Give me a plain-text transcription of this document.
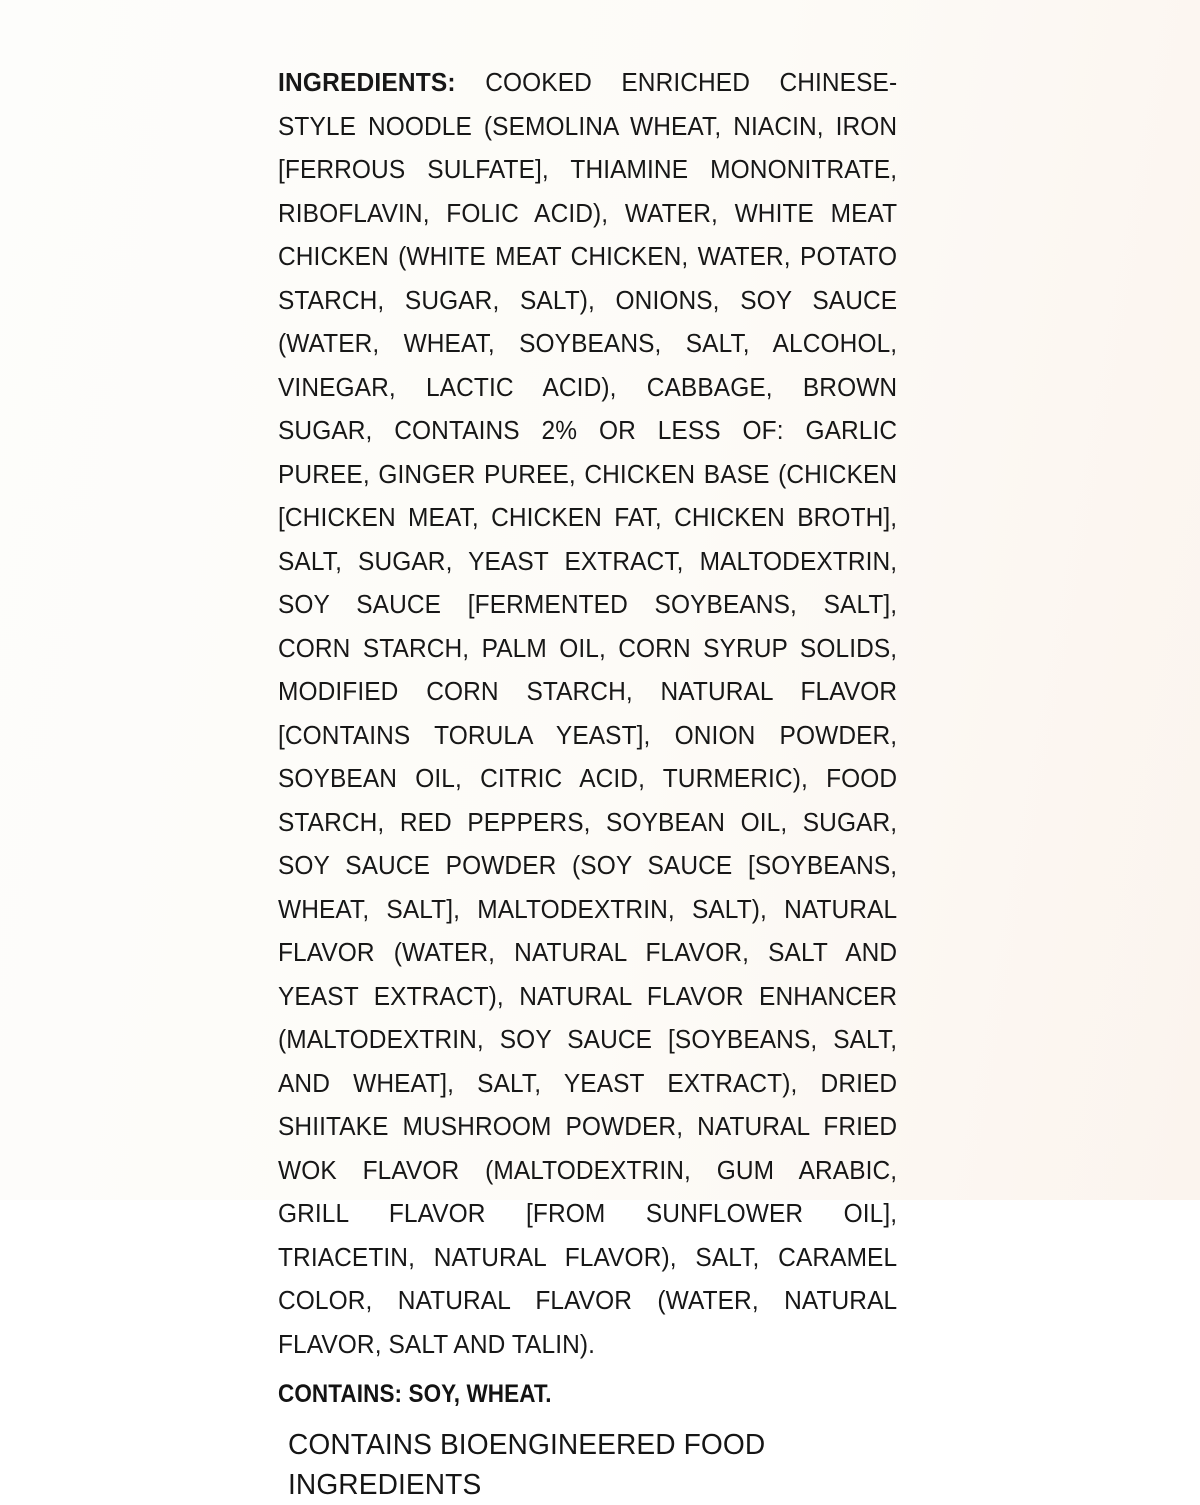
INGREDIENTS: COOKED ENRICHED CHINESE-STYLE NOODLE (SEMOLINA WHEAT, NIACIN, IRON [FERROUS SULFATE], THIAMINE MONONITRATE, RIBOFLAVIN, FOLIC ACID), WATER, WHITE MEAT CHICKEN (WHITE MEAT CHICKEN, WATER, POTATO STARCH, SUGAR, SALT), ONIONS, SOY SAUCE (WATER, WHEAT, SOYBEANS, SALT, ALCOHOL, VINEGAR, LACTIC ACID), CABBAGE, BROWN SUGAR, CONTAINS 2% OR LESS OF: GARLIC PUREE, GINGER PUREE, CHICKEN BASE (CHICKEN [CHICKEN MEAT, CHICKEN FAT, CHICKEN BROTH], SALT, SUGAR, YEAST EXTRACT, MALTODEXTRIN, SOY SAUCE [FERMENTED SOYBEANS, SALT], CORN STARCH, PALM OIL, CORN SYRUP SOLIDS, MODIFIED CORN STARCH, NATURAL FLAVOR [CONTAINS TORULA YEAST], ONION POWDER, SOYBEAN OIL, CITRIC ACID, TURMERIC), FOOD STARCH, RED PEPPERS, SOYBEAN OIL, SUGAR, SOY SAUCE POWDER (SOY SAUCE [SOYBEANS, WHEAT, SALT], MALTODEXTRIN, SALT), NATURAL FLAVOR (WATER, NATURAL FLAVOR, SALT AND YEAST EXTRACT), NATURAL FLAVOR ENHANCER (MALTODEXTRIN, SOY SAUCE [SOYBEANS, SALT, AND WHEAT], SALT, YEAST EXTRACT), DRIED SHIITAKE MUSHROOM POWDER, NATURAL FRIED WOK FLAVOR (MALTODEXTRIN, GUM ARABIC, GRILL FLAVOR [FROM SUNFLOWER OIL], TRIACETIN, NATURAL FLAVOR), SALT, CARAMEL COLOR, NATURAL FLAVOR (WATER, NATURAL FLAVOR, SALT AND TALIN).
CONTAINS: SOY, WHEAT.
CONTAINS BIOENGINEERED FOOD INGREDIENTS
